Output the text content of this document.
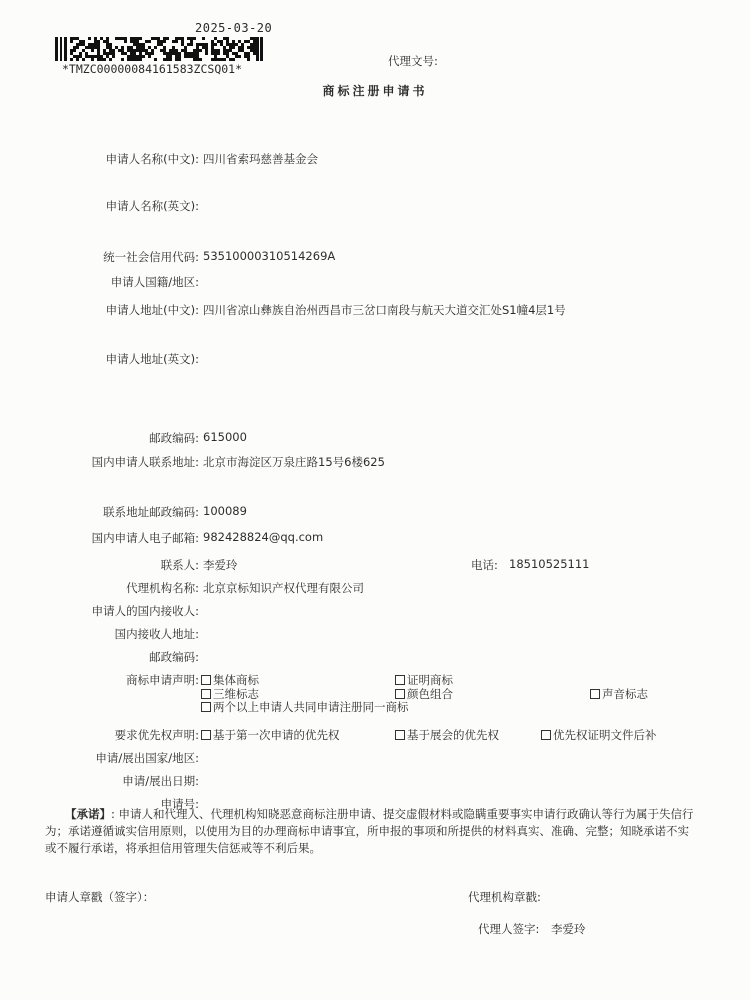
2025-03-20
*TMZC00000084161583ZCSQ01*
代理文号:
商标注册申请书
申请人名称(中文): 四川省索玛慈善基金会
申请人名称(英文):
统一社会信用代码: 53510000310514269A
申请人国籍/地区:
申请人地址(中文): 四川省凉山彝族自治州西昌市三岔口南段与航天大道交汇处S1幢4层1号
申请人地址(英文):
邮政编码: 615000
国内申请人联系地址: 北京市海淀区万泉庄路15号6楼625
联系地址邮政编码: 100089
国内申请人电子邮箱: 982428824@qq.com
联系人: 李爱玲	电话: 18510525111
代理机构名称: 北京京标知识产权代理有限公司
申请人的国内接收人:
国内接收人地址:
邮政编码:
商标申请声明:	集体商标	证明商标
三维标志	颜色组合	声音标志
两个以上申请人共同申请注册同一商标
要求优先权声明:	基于第一次申请的优先权	基于展会的优先权	优先权证明文件后补
申请/展出国家/地区:
申请/展出日期:
申请号:
【承诺】: 申请人和代理人、代理机构知晓恶意商标注册申请、提交虚假材料或隐瞒重要事实申请行政确认等行为属于失信行为；承诺遵循诚实信用原则，以使用为目的办理商标申请事宜，所申报的事项和所提供的材料真实、准确、完整；知晓承诺不实或不履行承诺，将承担信用管理失信惩戒等不利后果。
申请人章戳（签字）：	代理机构章戳:
代理人签字: 李爱玲
